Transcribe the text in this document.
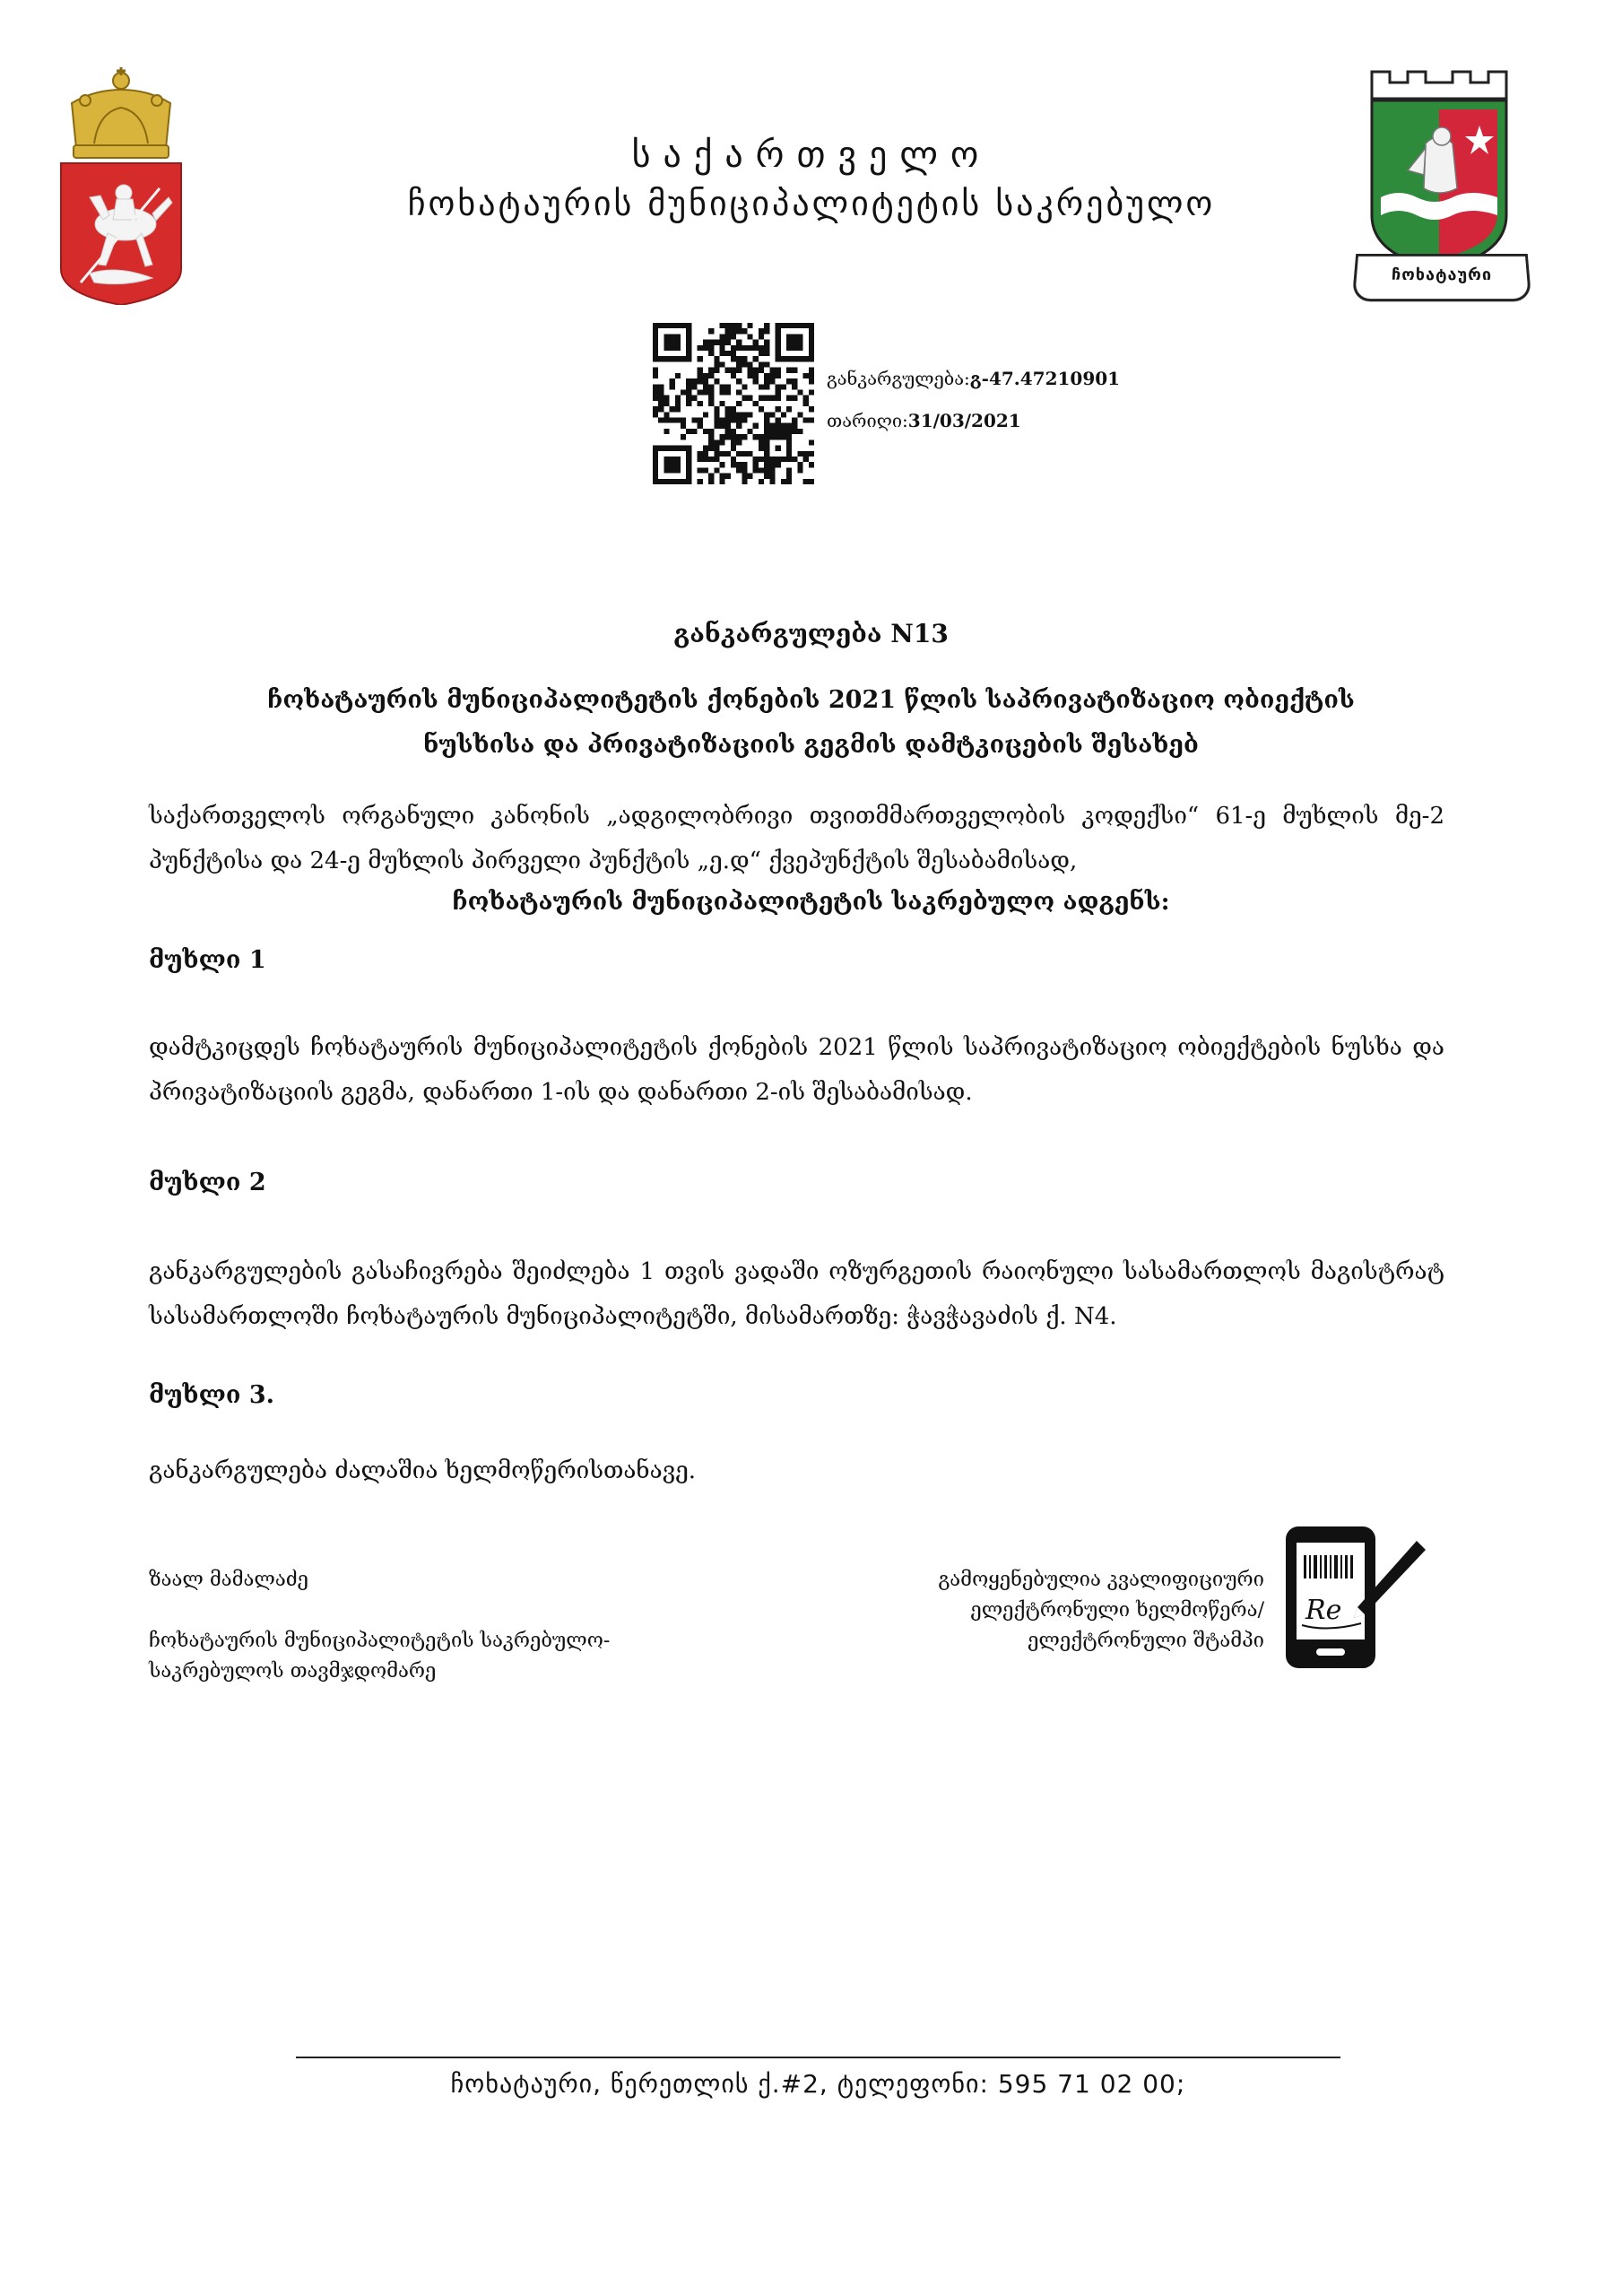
საქართველო
ჩოხატაურის მუნიციპალიტეტის საკრებულო
ჩოხატაური
განკარგულება:გ-47.47210901
თარიღი:31/03/2021
განკარგულება N13
ჩოხატაურის მუნიციპალიტეტის ქონების 2021 წლის საპრივატიზაციო ობიექტის
ნუსხისა და პრივატიზაციის გეგმის დამტკიცების შესახებ
საქართველოს ორგანული კანონის „ადგილობრივი თვითმმართველობის კოდექსი“ 61-ე მუხლის მე-2 პუნქტისა და 24-ე მუხლის პირველი პუნქტის „ე.დ“ ქვეპუნქტის შესაბამისად,
ჩოხატაურის მუნიციპალიტეტის საკრებულო ადგენს:
მუხლი 1
დამტკიცდეს ჩოხატაურის მუნიციპალიტეტის ქონების 2021 წლის საპრივატიზაციო ობიექტების ნუსხა და პრივატიზაციის გეგმა, დანართი 1-ის და დანართი 2-ის შესაბამისად.
მუხლი 2
განკარგულების გასაჩივრება შეიძლება 1 თვის ვადაში ოზურგეთის რაიონული სასამართლოს მაგისტრატ სასამართლოში ჩოხატაურის მუნიციპალიტეტში, მისამართზე: ჭავჭავაძის ქ. N4.
მუხლი 3.
განკარგულება ძალაშია ხელმოწერისთანავე.
ზაალ მამალაძე
ჩოხატაურის მუნიციპალიტეტის საკრებულო-
საკრებულოს თავმჯდომარე
გამოყენებულია კვალიფიციური
ელექტრონული ხელმოწერა/
ელექტრონული შტამპი
Re
ჩოხატაური, წერეთლის ქ.#2, ტელეფონი: 595 71 02 00;
